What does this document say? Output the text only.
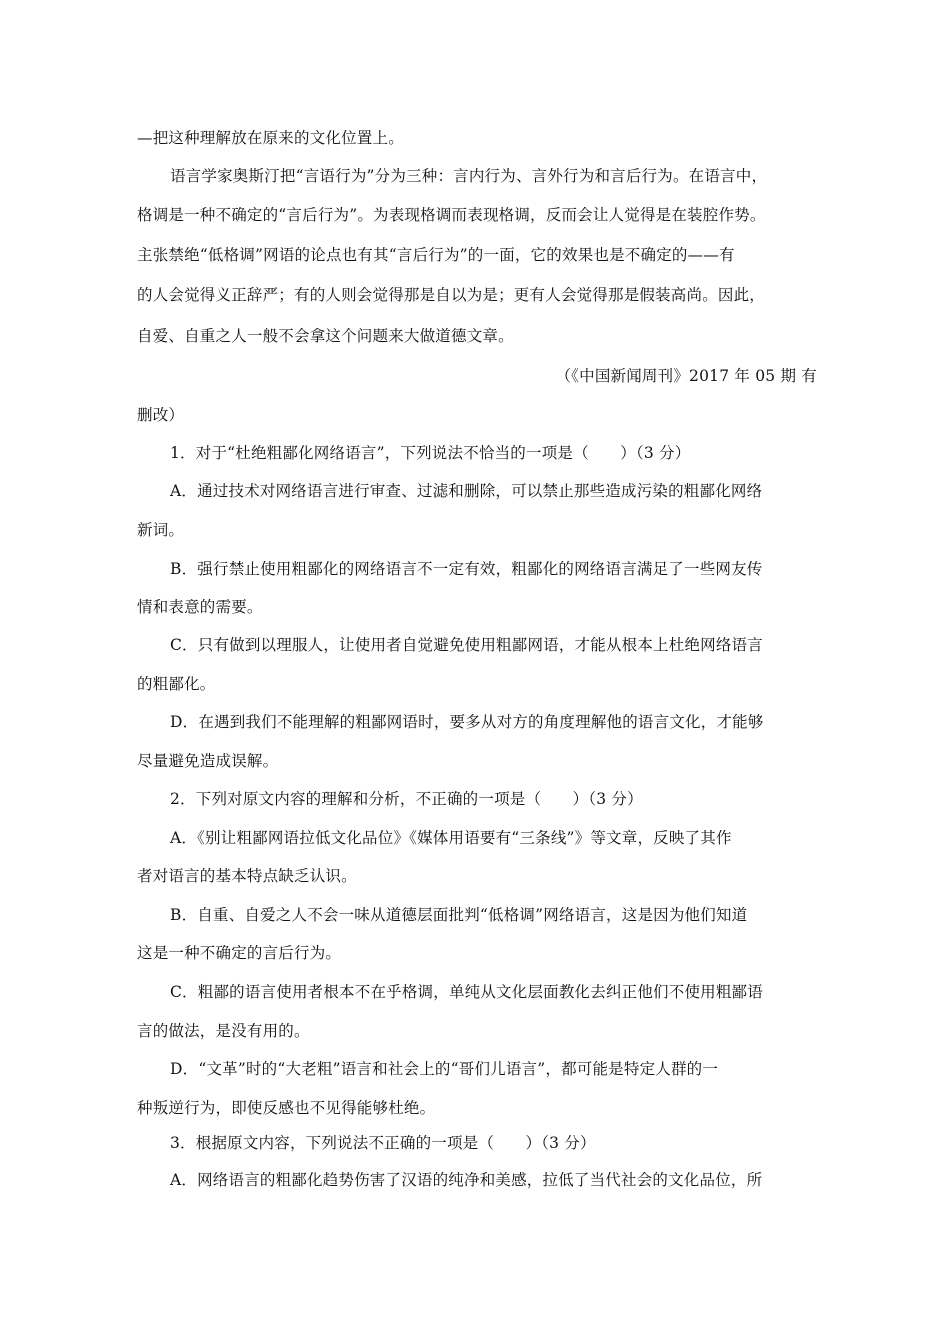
—把这种理解放在原来的文化位置上。
语言学家奥斯汀把“言语行为”分为三种：言内行为、言外行为和言后行为。在语言中，
格调是一种不确定的“言后行为”。为表现格调而表现格调，反而会让人觉得是在装腔作势。
主张禁绝“低格调”网语的论点也有其“言后行为”的一面，它的效果也是不确定的——有
的人会觉得义正辞严；有的人则会觉得那是自以为是；更有人会觉得那是假装高尚。因此，
自爱、自重之人一般不会拿这个问题来大做道德文章。
（《中国新闻周刊》2017 年 05 期 有
删改）
1．对于“杜绝粗鄙化网络语言”，下列说法不恰当的一项是（　　）（3 分）
A．通过技术对网络语言进行审查、过滤和删除，可以禁止那些造成污染的粗鄙化网络
新词。
B．强行禁止使用粗鄙化的网络语言不一定有效，粗鄙化的网络语言满足了一些网友传
情和表意的需要。
C．只有做到以理服人，让使用者自觉避免使用粗鄙网语，才能从根本上杜绝网络语言
的粗鄙化。
D．在遇到我们不能理解的粗鄙网语时，要多从对方的角度理解他的语言文化，才能够
尽量避免造成误解。
2．下列对原文内容的理解和分析，不正确的一项是（　　）（3 分）
A．《别让粗鄙网语拉低文化品位》《媒体用语要有“三条线”》等文章，反映了其作
者对语言的基本特点缺乏认识。
B．自重、自爱之人不会一味从道德层面批判“低格调”网络语言，这是因为他们知道
这是一种不确定的言后行为。
C．粗鄙的语言使用者根本不在乎格调，单纯从文化层面教化去纠正他们不使用粗鄙语
言的做法，是没有用的。
D．“文革”时的“大老粗”语言和社会上的“哥们儿语言”，都可能是特定人群的一
种叛逆行为，即使反感也不见得能够杜绝。
3．根据原文内容，下列说法不正确的一项是（　　）（3 分）
A．网络语言的粗鄙化趋势伤害了汉语的纯净和美感，拉低了当代社会的文化品位，所
